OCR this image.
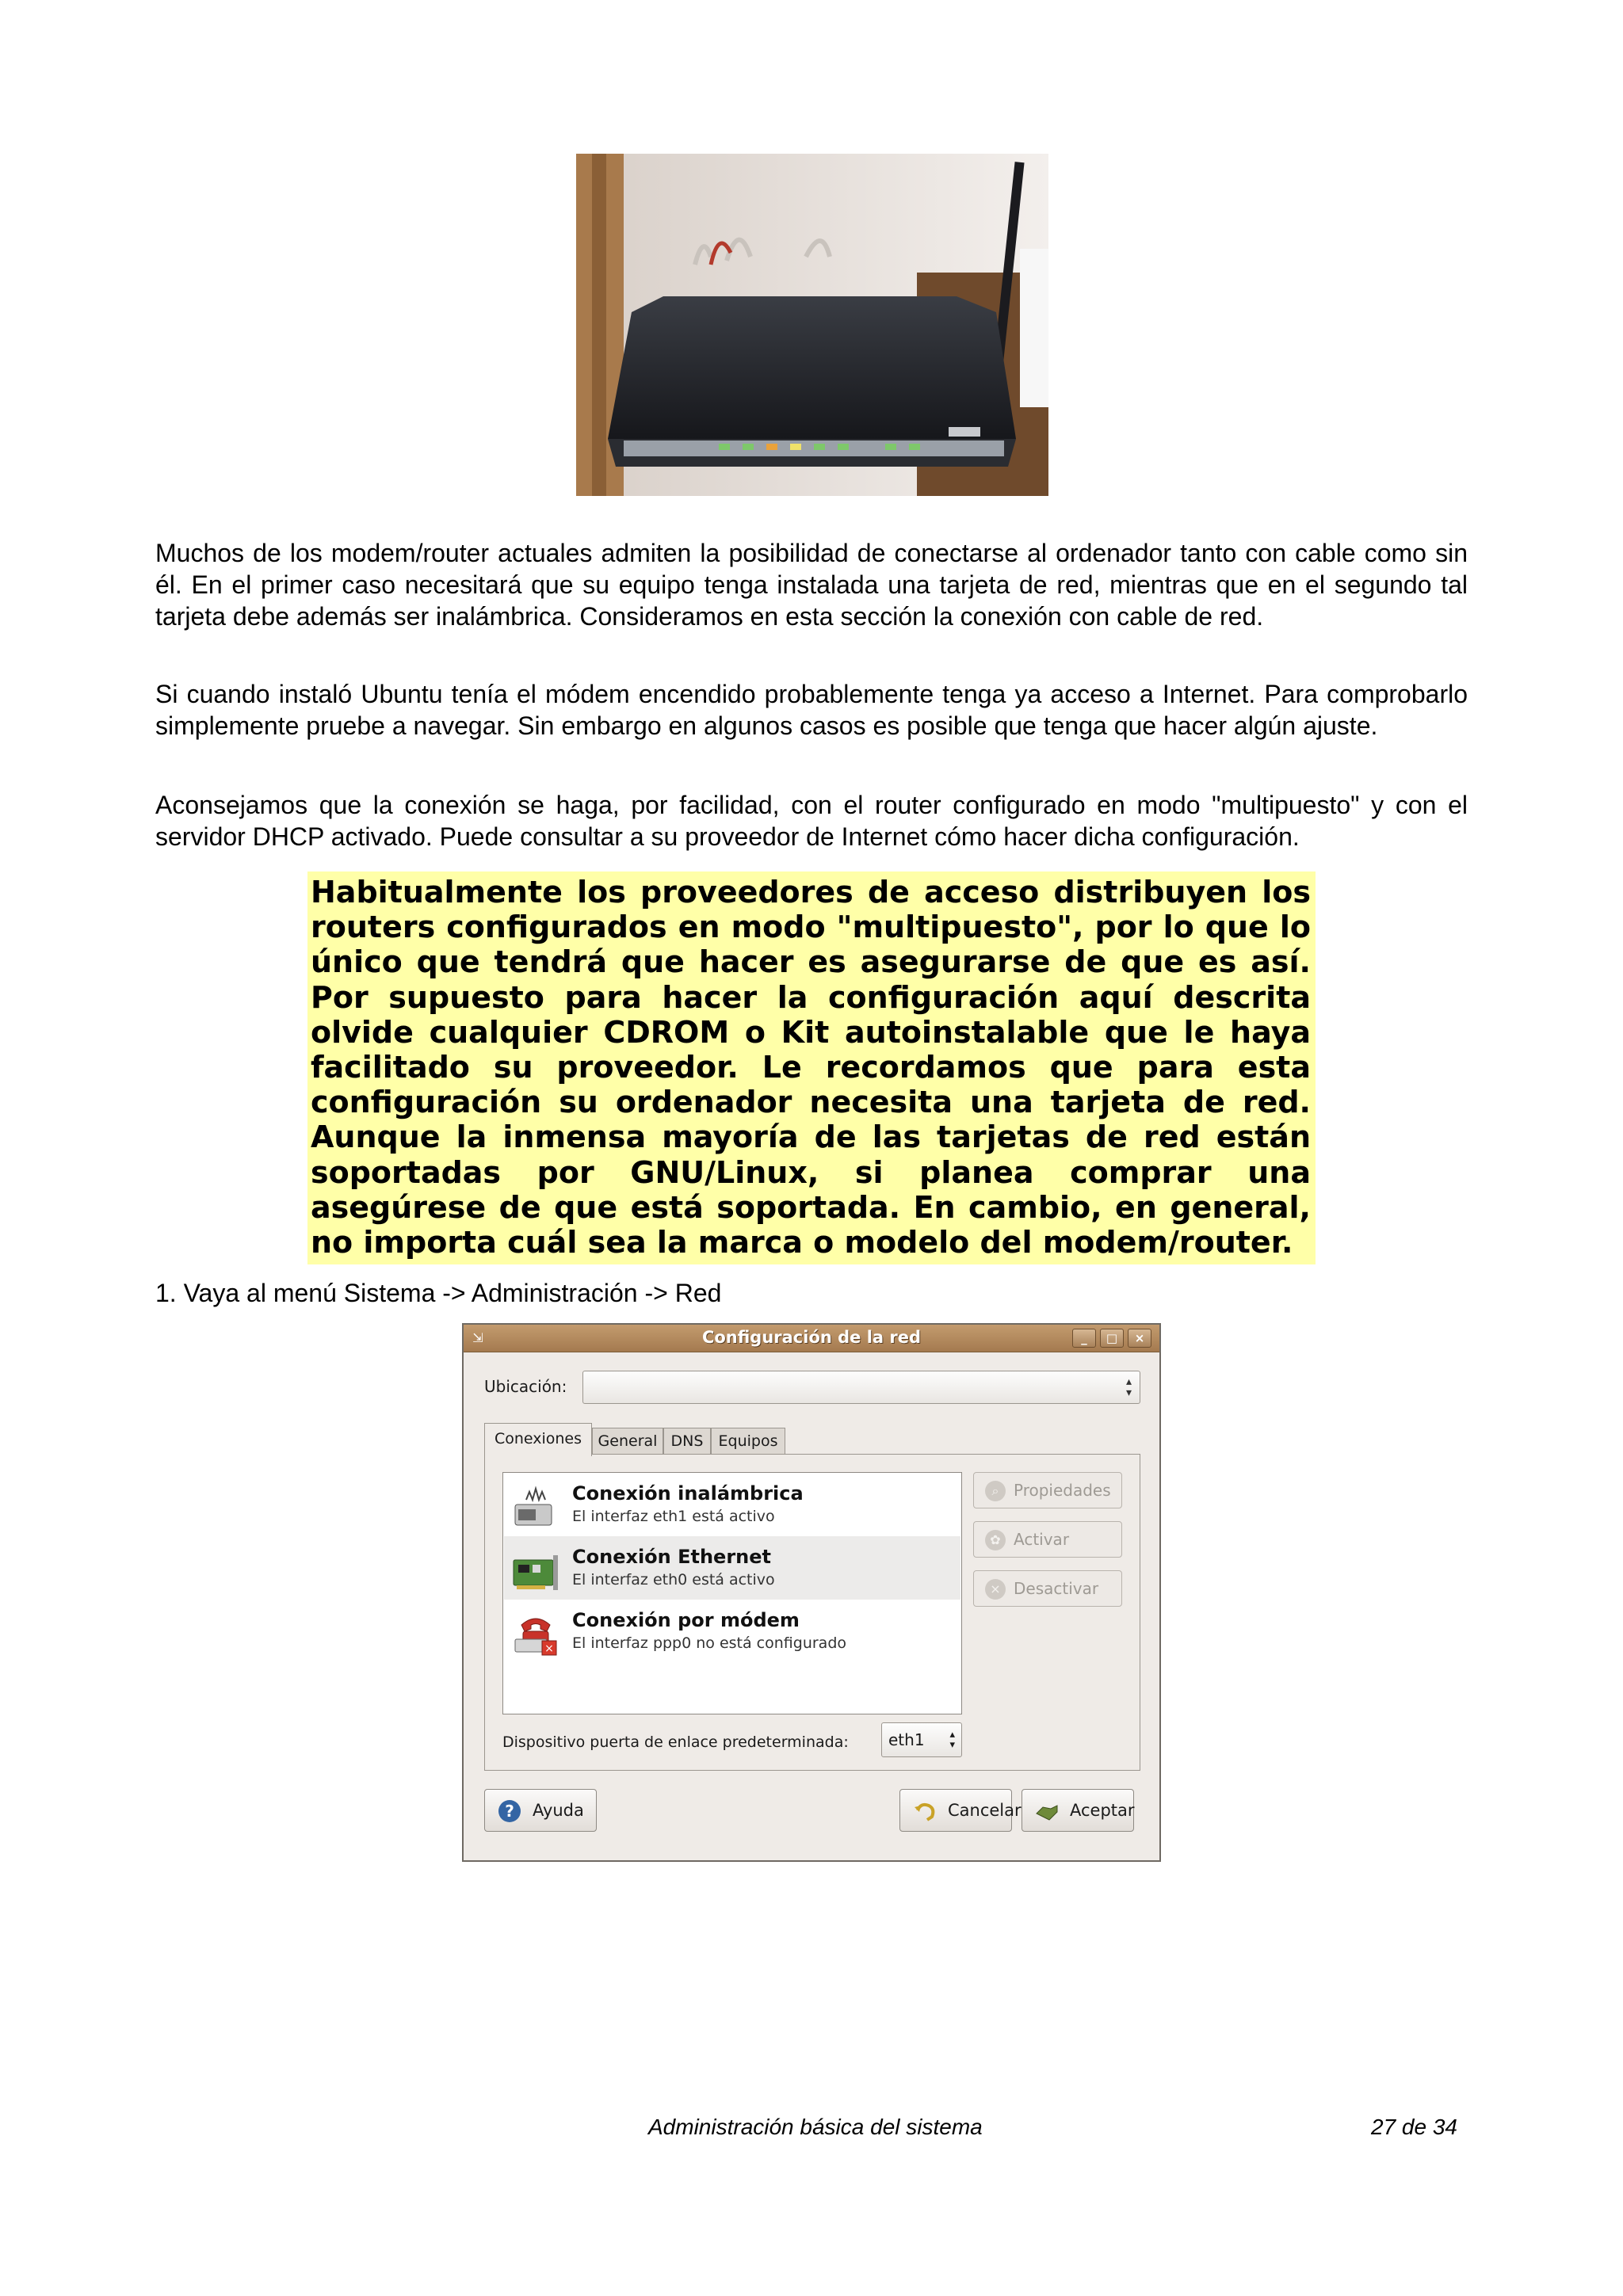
Muchos de los modem/router actuales admiten la posibilidad de conectarse al ordenador tanto con cable como sin él. En el primer caso necesitará que su equipo tenga instalada una tarjeta de red, mientras que en el segundo tal tarjeta debe además ser inalámbrica. Consideramos en esta sección la conexión con cable de red.

Si cuando instaló Ubuntu tenía el módem encendido probablemente tenga ya acceso a Internet. Para comprobarlo simplemente pruebe a navegar. Sin embargo en algunos casos es posible que tenga que hacer algún ajuste.

Aconsejamos que la conexión se haga, por facilidad, con el router configurado en modo "multipuesto" y con el servidor DHCP activado. Puede consultar a su proveedor de Internet cómo hacer dicha configuración.

Habitualmente los proveedores de acceso distribuyen los routers configurados en modo "multipuesto", por lo que lo único que tendrá que hacer es asegurarse de que es así. Por supuesto para hacer la configuración aquí descrita olvide cualquier CDROM o Kit autoinstalable que le haya facilitado su proveedor. Le recordamos que para esta configuración su ordenador necesita una tarjeta de red. Aunque la inmensa mayoría de las tarjetas de red están soportadas por GNU/Linux, si planea comprar una asegúrese de que está soportada. En cambio, en general, no importa cuál sea la marca o modelo del modem/router.

1. Vaya al menú Sistema -> Administración -> Red

⇲	Configuración de la red	_	□	×
Ubicación:	▴
▾
Conexiones	General DNS	Equipos
Conexión inalámbrica
El interfaz eth1 está activo
Conexión Ethernet
El interfaz eth0 está activo
×
Conexión por módem
El interfaz ppp0 no está configurado
⌕ Propiedades
✿ Activar
× Desactivar
Dispositivo puerta de enlace predeterminada:	eth1 ▴
▾
? Ayuda	Cancelar	Aceptar
Administración básica del sistema	27 de 34
